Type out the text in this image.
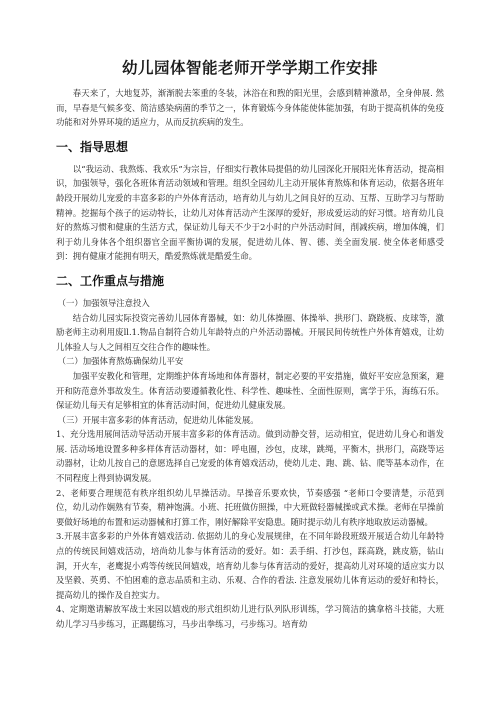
幼儿园体智能老师开学学期工作安排

春天来了，大地复苏，渐渐脱去笨重的冬装，沐浴在和煦的阳光里，会感到精神激昂，全身伸展. 然而，早春是气候多变、简洁感染病菌的季节之一，体育锻炼今身体能使体能加强，有助于提高机体的免疫功能和对外界环境的适应力，从而反抗疾病的发生。

一、指导思想

以“我运动、我熬炼、我欢乐”为宗旨，仔细实行教体局提倡的幼儿园深化开展阳光体育活动，提高相识，加强领导，强化各班体育活动领域和管理。组织全园幼儿主动开展体育熬炼和体育运动，依据各班年龄段开展幼儿宠爱的丰富多彩的户外体育活动，培育幼儿与幼儿之间良好的互动、互帮、互助学习与帮助精神。挖掘每个孩子的运动特长，让幼儿对体育活动产生深厚的爱好，形成爱运动的好习惯。培育幼儿良好的熬炼习惯和健康的生活方式，保证幼儿每天不少于2小时的户外活动时间，削减疾病，增加体魄，们利于幼儿身体各个组织器官全面平衡协调的发展，促进幼儿体、智、德、美全面发展. 使全体老师感受到：拥有健康才能拥有明天，酷爱熬炼就是酷爱生命。

二、工作重点与措施

（一）加强领导注意投入

结合幼儿园实际投资完善幼儿园体育器械，如：幼儿体操圈、体操举、拱形门、跷跷板、皮球等，激励老师主动利用废ll.1.物品自制符合幼儿年龄特点的户外活动器械。开展民间传统性户外体育嬉戏，让幼儿体验人与人之间相互交往合作的趣味性。

（二）加强体育熬炼确保幼儿平安

加强平安教化和管理，定期维护体育场地和体育器材，制定必要的平安措施，做好平安应急预案，避开和防范意外事故发生。体育活动要遵循教化性、科学性、趣味性、全面性原则，寓学于乐，海练石乐。保证幼儿每天有足够相宜的体育活动时间，促进幼儿健康发展。

（三）开展丰富多彩的体育活动，促进幼儿体能发展。

1、充分选用展间活动导活动开展丰富多彩的体育活动。做到动静交替，运动相宜，促进幼儿身心和谐发展. 活动场地设置多种多样体育活动器材，如：呼电圈，沙包，皮球，跳绳，平衡木，拱形门，高跷等运动器材，让幼儿按自己的意愿选择自己宠爱的体育嬉戏活动，使幼儿走、跑、跳、钻、爬等基本动作，在不同程度上得到协调发展。

2、老师要合理规范有秩序组织幼儿早操活动。早操音乐要欢快，节奏感强 “老师口令要清楚，示范到位，幼儿动作娴熟有节奏，精神饱满。小班、托班做仿照操，中大班做轻器械操或武术操。老师在早操前要做好场地的布置和运动器械和打算工作，刚好解除平安隐患。随时提示幼儿有秩序地取放运动器械。

3.开展丰富多彩的户外体育嬉戏活动. 依据幼儿的身心发展规律，在不同年龄段班级开展适合幼儿年龄特点的传统民间嬉戏活动，培尚幼儿参与体育活动的爱好。如：丢手绢、打沙包，踩高跷，跳皮筋，钻山洞，开火车，老鹰捉小鸡等传统民间嬉戏，培育幼儿参与体育活动的爱好，提高幼儿对环境的适应实力以及坚毅、英勇、不怕困难的意志品质和主动、乐观、合作的看法. 注意发展幼儿体育运动的爱好和特长，提高幼儿的操作及自控实力。

4、定期邀请解放军战士来园以嬉戏的形式组织幼儿进行队列队形训练，学习简洁的擒拿格斗技能，大班幼儿学习马步练习，正踢腿练习，马步出拳练习，弓步练习。培育幼
